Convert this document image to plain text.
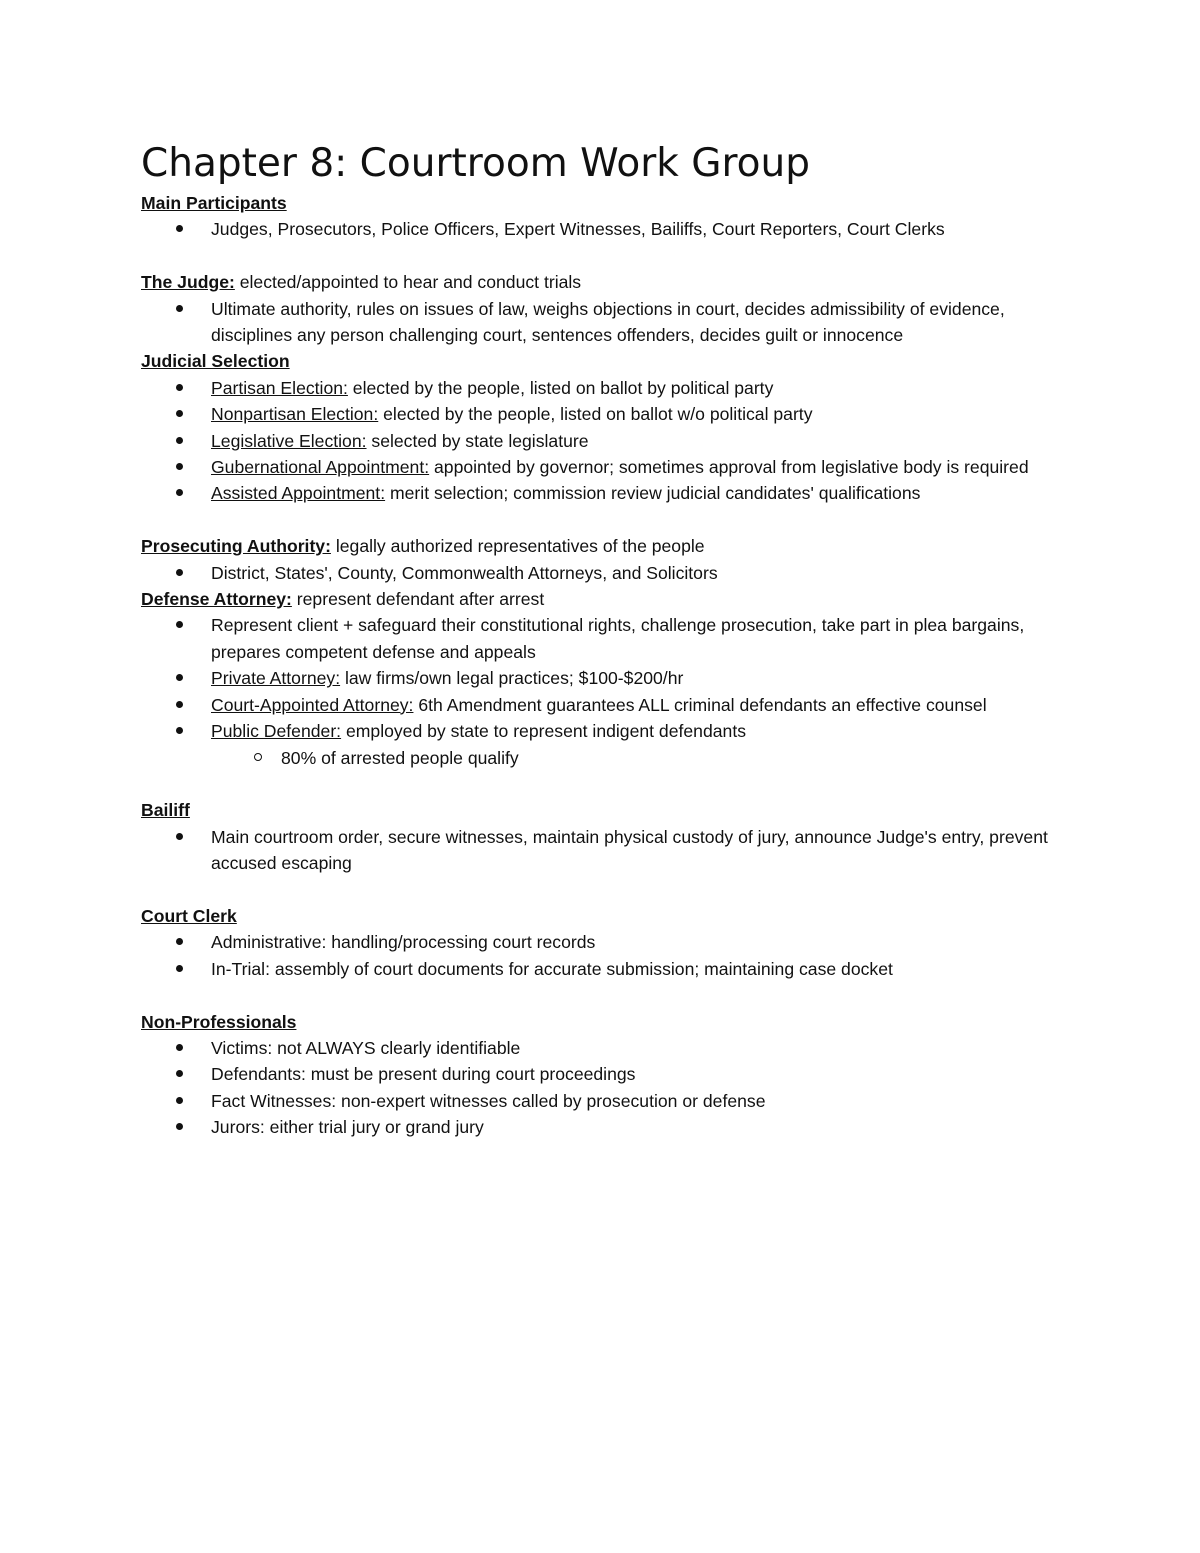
Chapter 8: Courtroom Work Group
Main Participants
Judges, Prosecutors, Police Officers, Expert Witnesses, Bailiffs, Court Reporters, Court Clerks
The Judge: elected/appointed to hear and conduct trials
Ultimate authority, rules on issues of law, weighs objections in court, decides admissibility of evidence, disciplines any person challenging court, sentences offenders, decides guilt or innocence
Judicial Selection
Partisan Election: elected by the people, listed on ballot by political party
Nonpartisan Election: elected by the people, listed on ballot w/o political party
Legislative Election: selected by state legislature
Gubernational Appointment: appointed by governor; sometimes approval from legislative body is required
Assisted Appointment: merit selection; commission review judicial candidates' qualifications
Prosecuting Authority: legally authorized representatives of the people
District, States', County, Commonwealth Attorneys, and Solicitors
Defense Attorney: represent defendant after arrest
Represent client + safeguard their constitutional rights, challenge prosecution, take part in plea bargains, prepares competent defense and appeals
Private Attorney: law firms/own legal practices; $100-$200/hr
Court-Appointed Attorney: 6th Amendment guarantees ALL criminal defendants an effective counsel
Public Defender: employed by state to represent indigent defendants
80% of arrested people qualify
Bailiff
Main courtroom order, secure witnesses, maintain physical custody of jury, announce Judge's entry, prevent accused escaping
Court Clerk
Administrative: handling/processing court records
In-Trial: assembly of court documents for accurate submission; maintaining case docket
Non-Professionals
Victims: not ALWAYS clearly identifiable
Defendants: must be present during court proceedings
Fact Witnesses: non-expert witnesses called by prosecution or defense
Jurors: either trial jury or grand jury
